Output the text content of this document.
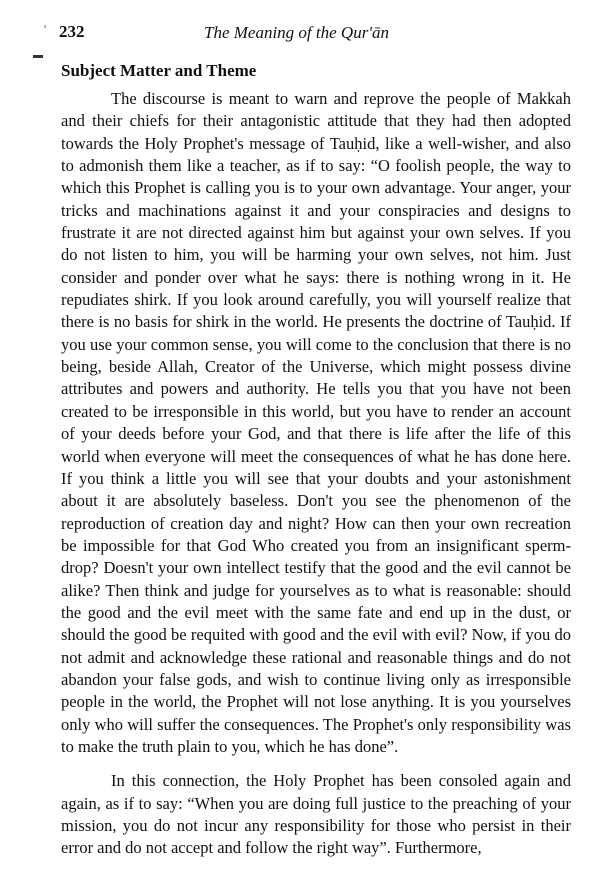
'
▬
232	The Meaning of the Qur'ān
Subject Matter and Theme

The discourse is meant to warn and reprove the people of Makkah and their chiefs for their antagonistic attitude that they had then adopted towards the Holy Prophet's message of Tauḥid, like a well-wisher, and also to admonish them like a teacher, as if to say: “O foolish people, the way to which this Prophet is calling you is to your own advantage. Your anger, your tricks and machinations against it and your conspiracies and designs to frustrate it are not directed against him but against your own selves. If you do not listen to him, you will be harming your own selves, not him. Just consider and ponder over what he says: there is nothing wrong in it. He repudiates shirk. If you look around carefully, you will yourself realize that there is no basis for shirk in the world. He presents the doctrine of Tauḥid. If you use your common sense, you will come to the conclusion that there is no being, beside Allah, Creator of the Universe, which might possess divine attributes and powers and authority. He tells you that you have not been created to be irresponsible in this world, but you have to render an account of your deeds before your God, and that there is life after the life of this world when everyone will meet the consequences of what he has done here. If you think a little you will see that your doubts and your astonishment about it are absolutely baseless. Don't you see the phenomenon of the reproduction of creation day and night? How can then your own recreation be impossible for that God Who created you from an insignificant sperm-drop? Doesn't your own intellect testify that the good and the evil cannot be alike? Then think and judge for yourselves as to what is reasonable: should the good and the evil meet with the same fate and end up in the dust, or should the good be requited with good and the evil with evil? Now, if you do not admit and acknowledge these rational and reasonable things and do not abandon your false gods, and wish to continue living only as irresponsible people in the world, the Prophet will not lose anything. It is you yourselves only who will suffer the consequences. The Prophet's only responsibility was to make the truth plain to you, which he has done”.

In this connection, the Holy Prophet has been consoled again and again, as if to say: “When you are doing full justice to the preaching of your mission, you do not incur any responsibility for those who persist in their error and do not accept and follow the right way”. Furthermore,
